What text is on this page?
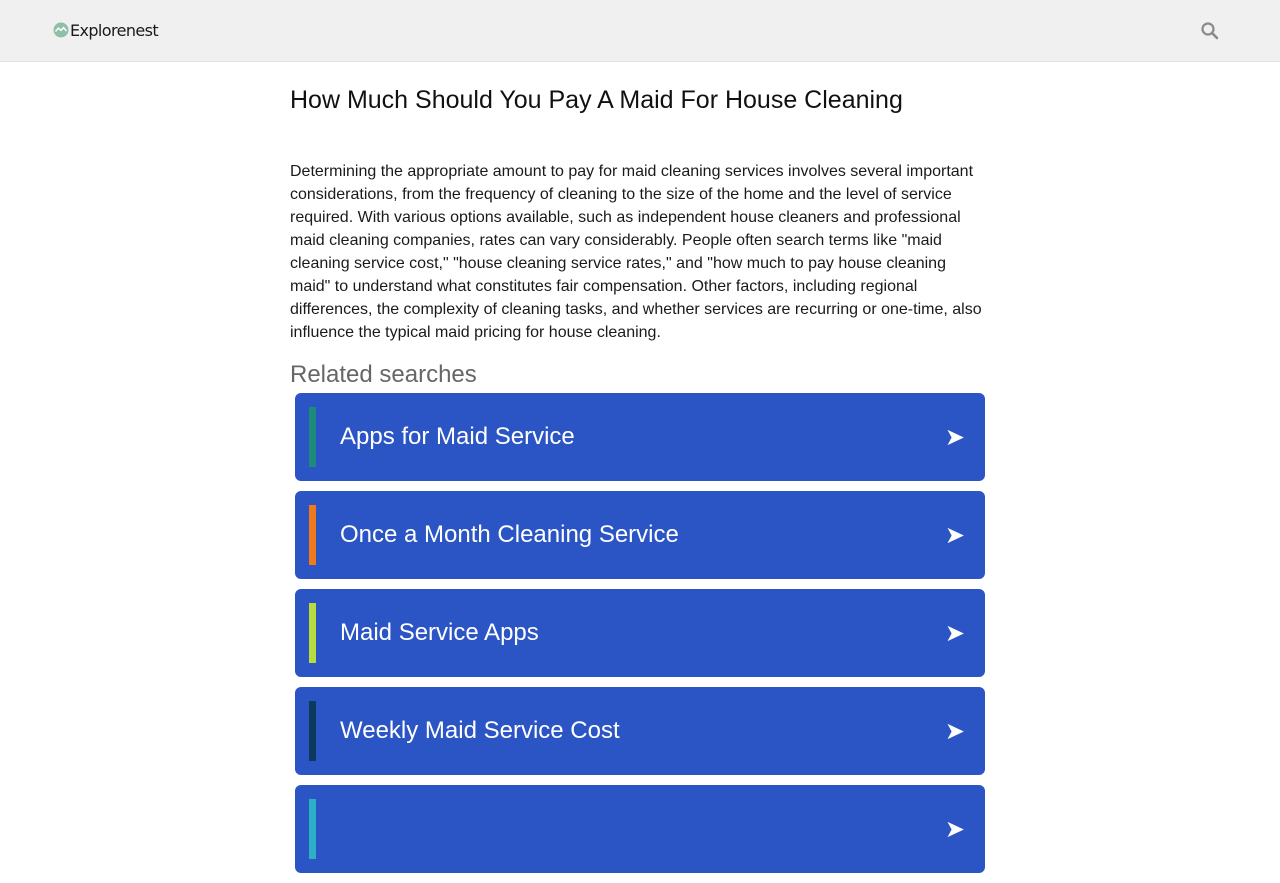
Explorenest
How Much Should You Pay A Maid For House Cleaning

Determining the appropriate amount to pay for maid cleaning services involves several important considerations, from the frequency of cleaning to the size of the home and the level of service required. With various options available, such as independent house cleaners and professional maid cleaning companies, rates can vary considerably. People often search terms like "maid cleaning service cost," "house cleaning service rates," and "how much to pay house cleaning maid" to understand what constitutes fair compensation. Other factors, including regional differences, the complexity of cleaning tasks, and whether services are recurring or one-time, also influence the typical maid pricing for house cleaning.

Related searches
Apps for Maid Service	➤
Once a Month Cleaning Service	➤
Maid Service Apps	➤
Weekly Maid Service Cost	➤
➤
